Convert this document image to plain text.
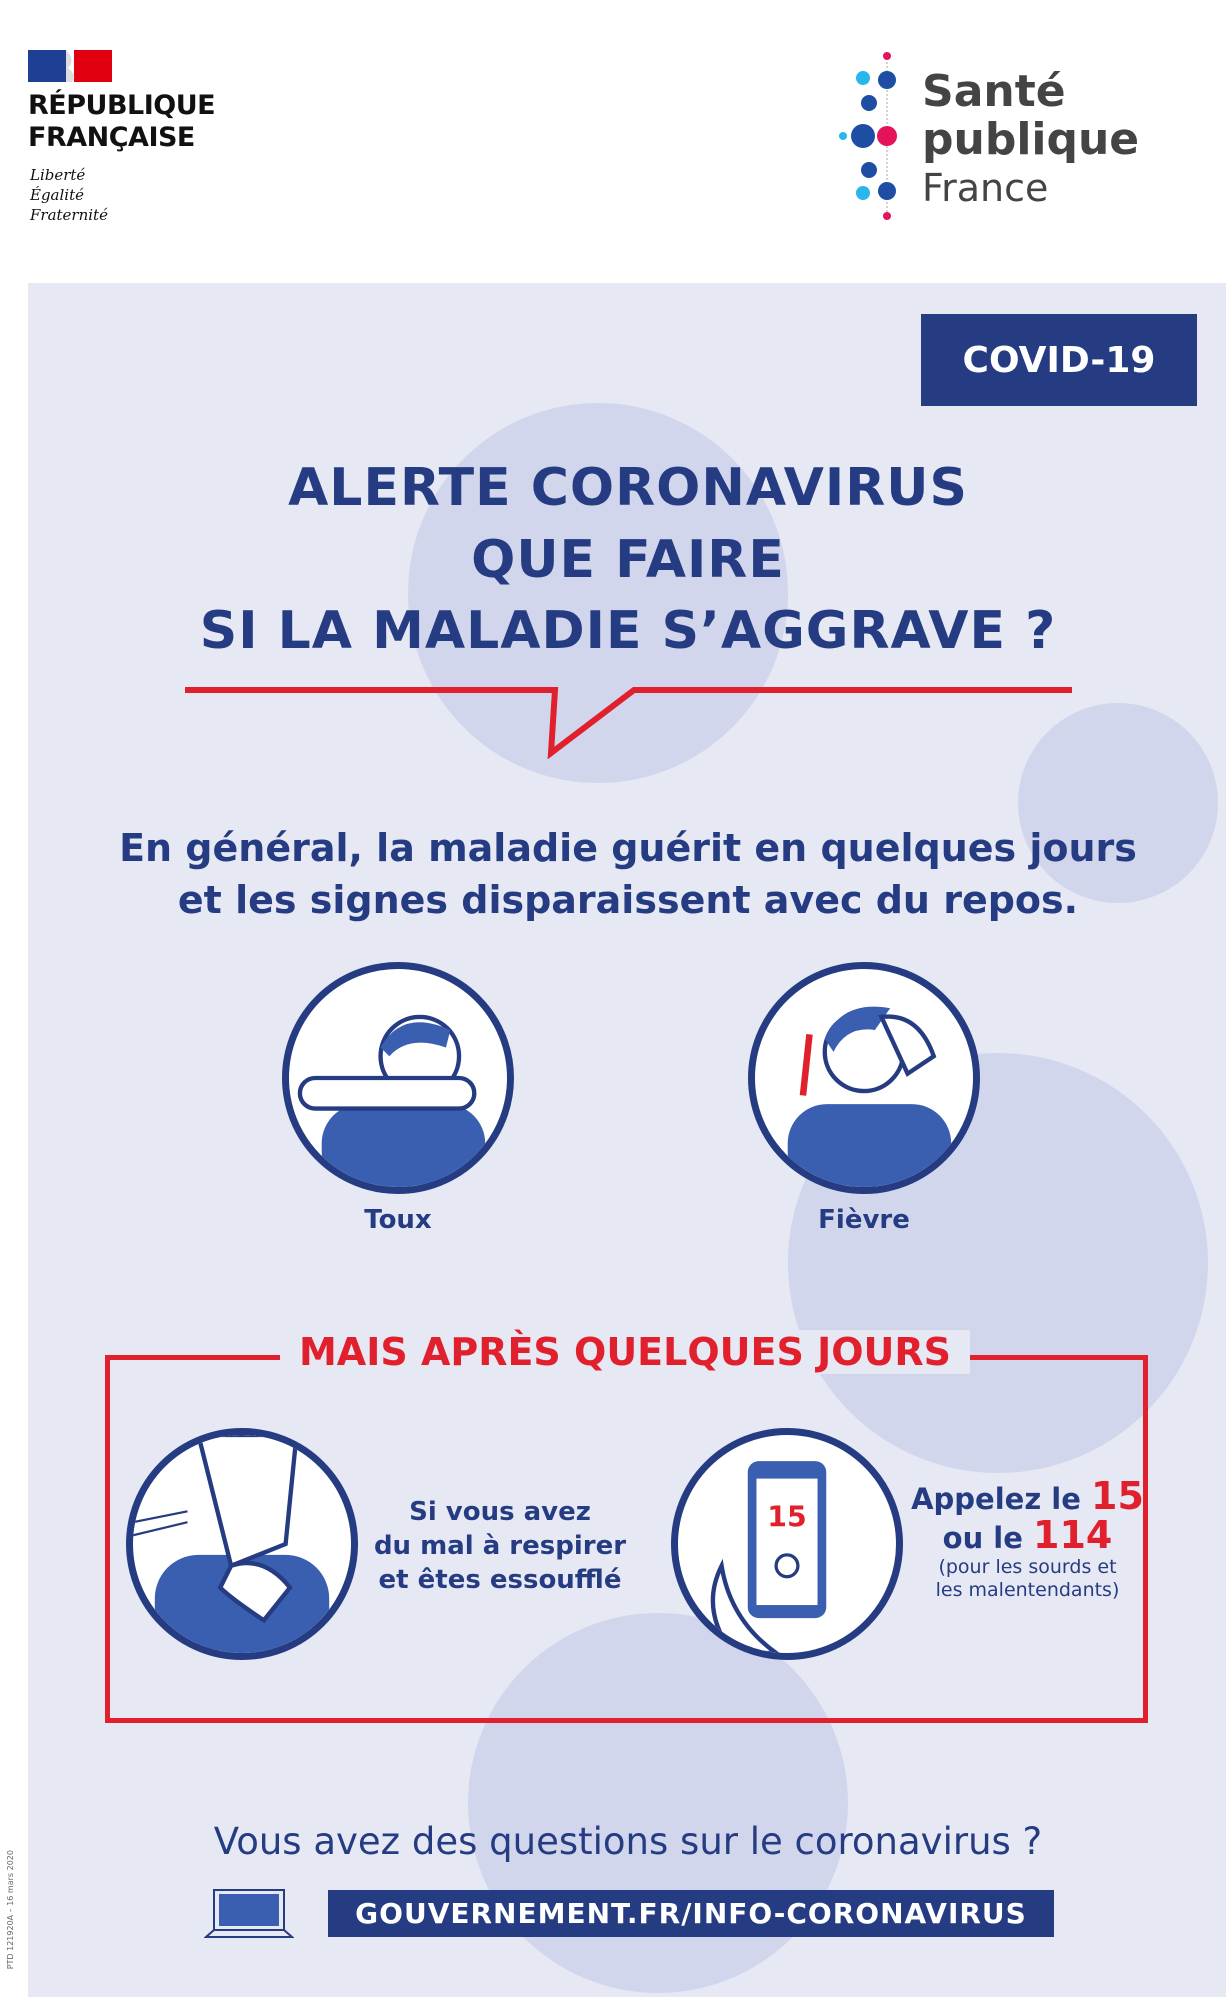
RÉPUBLIQUE
FRANÇAISE
Liberté
Égalité
Fraternité
Santé
publique
France
COVID-19
ALERTE CORONAVIRUS
QUE FAIRE
SI LA MALADIE S’AGGRAVE ?
En général, la maladie guérit en quelques jours
et les signes disparaissent avec du repos.
Toux	Fièvre
MAIS APRÈS QUELQUES JOURS
Si vous avez
du mal à respirer
et êtes essoufflé
15
Appelez le 15
ou le 114
(pour les sourds et
les malentendants)
Vous avez des questions sur le coronavirus ?
GOUVERNEMENT.FR/INFO-CORONAVIRUS
PTD 121920A – 16 mars 2020
